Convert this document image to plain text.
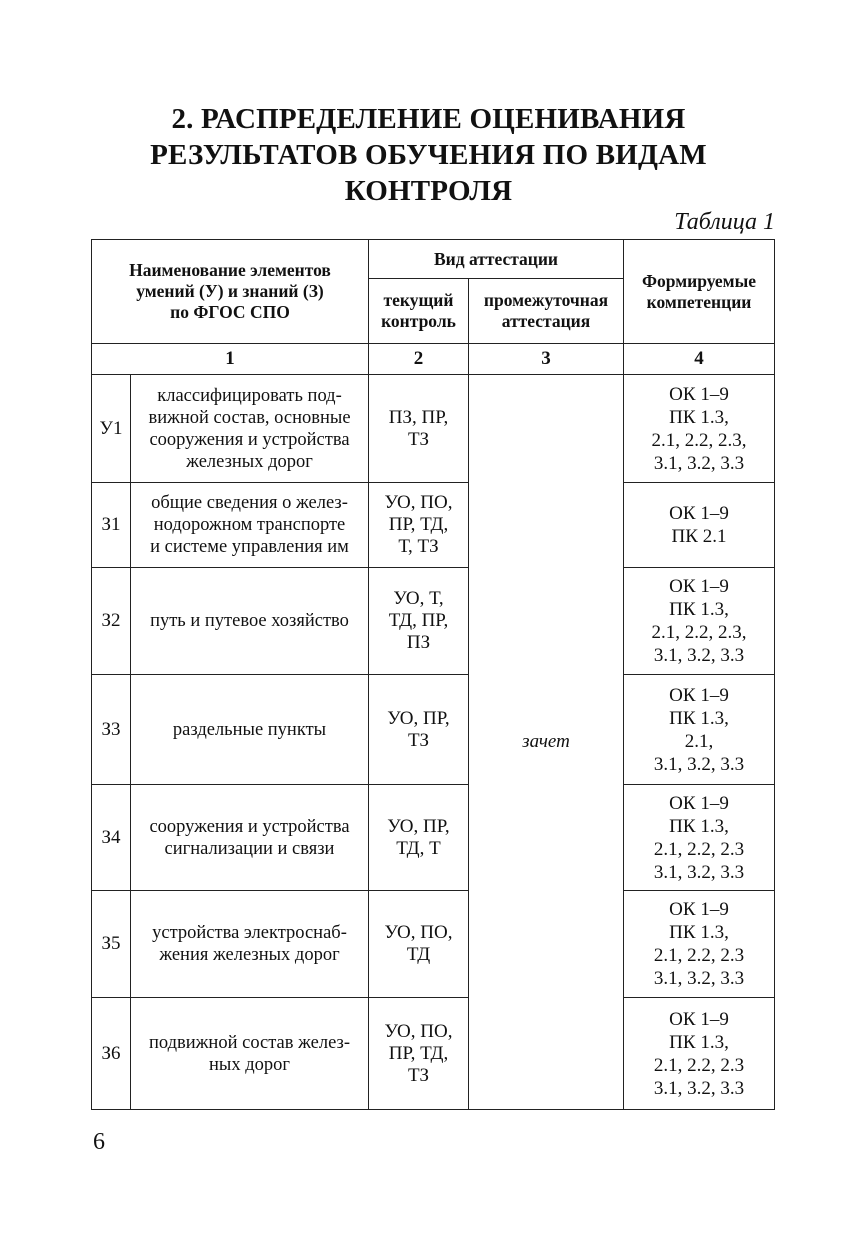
2. РАСПРЕДЕЛЕНИЕ ОЦЕНИВАНИЯ
РЕЗУЛЬТАТОВ ОБУЧЕНИЯ ПО ВИДАМ
КОНТРОЛЯ
Таблица 1
Наименование элементов
умений (У) и знаний (З)
по ФГОС СПО		Вид аттестации		Формируемые
компетенции

		текущий
контроль	промежуточная
аттестация	

1		2	3	4
У1	классифицировать под-
вижной состав, основные
сооружения и устройства
железных дорог	ПЗ, ПР,
ТЗ	зачет	ОК 1–9
ПК 1.3,
2.1, 2.2, 2.3,
3.1, 3.2, 3.3

З1	общие сведения о желез-
нодорожном транспорте
и системе управления им	УО, ПО,
ПР, ТД,
Т, ТЗ		ОК 1–9
ПК 2.1

З2	путь и путевое хозяйство	УО, Т,
ТД, ПР,
ПЗ		ОК 1–9
ПК 1.3,
2.1, 2.2, 2.3,
3.1, 3.2, 3.3

З3	раздельные пункты	УО, ПР,
ТЗ		ОК 1–9
ПК 1.3,
2.1,
3.1, 3.2, 3.3

З4	сооружения и устройства
сигнализации и связи	УО, ПР,
ТД, Т		ОК 1–9
ПК 1.3,
2.1, 2.2, 2.3
3.1, 3.2, 3.3

З5	устройства электроснаб-
жения железных дорог	УО, ПО,
ТД		ОК 1–9
ПК 1.3,
2.1, 2.2, 2.3
3.1, 3.2, 3.3

З6	подвижной состав желез-
ных дорог	УО, ПО,
ПР, ТД,
ТЗ		ОК 1–9
ПК 1.3,
2.1, 2.2, 2.3
3.1, 3.2, 3.3
6
